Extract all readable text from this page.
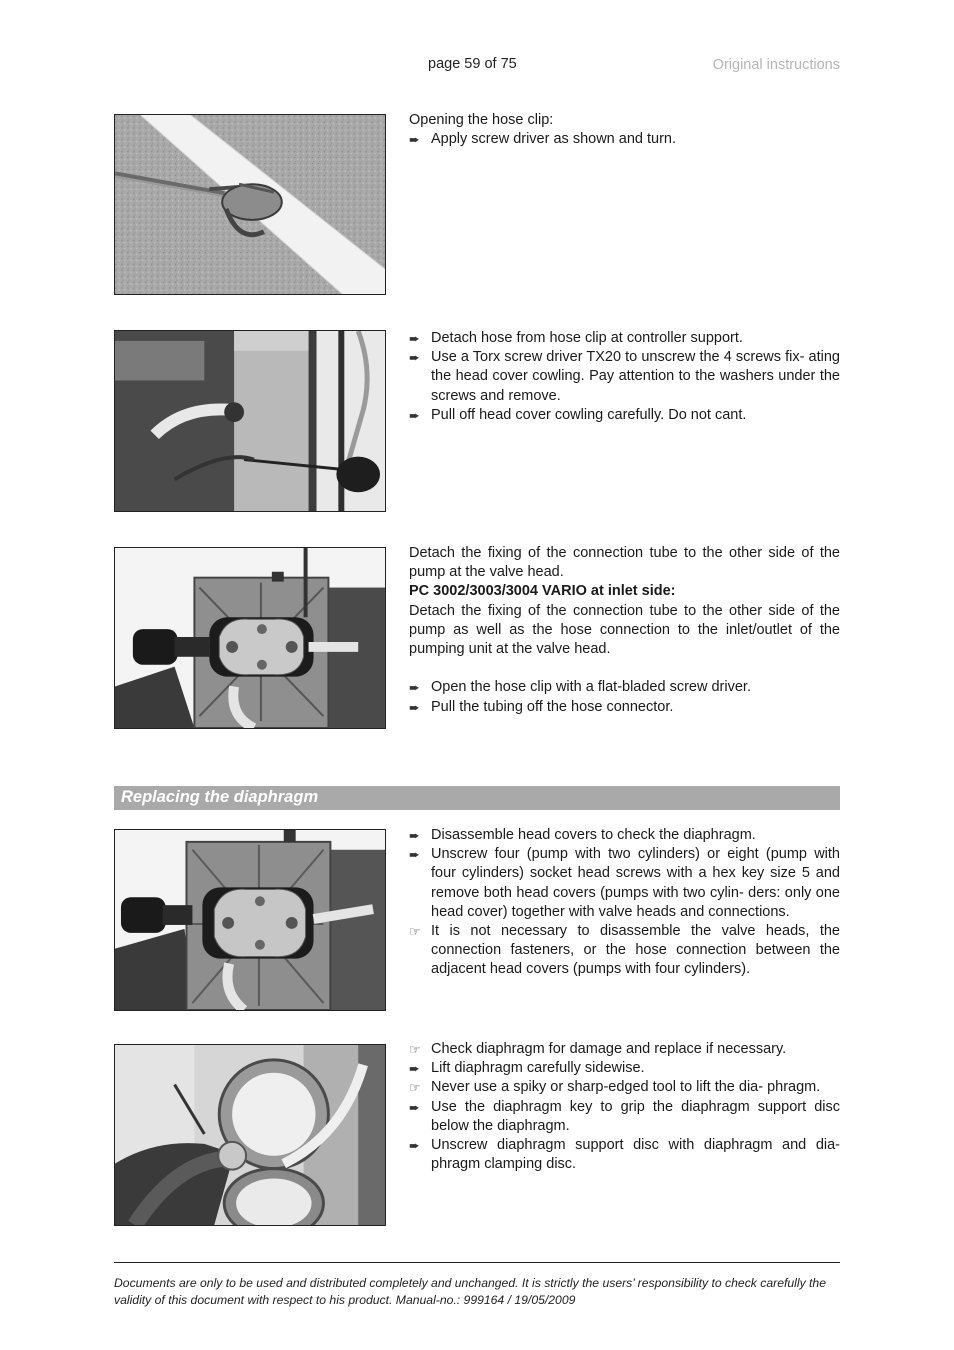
page 59 of 75	Original instructions

Opening the hose clip:

➨ Apply screw driver as shown and turn.
➨ Detach hose from hose clip at controller support.
➨ Use a Torx screw driver TX20 to unscrew the 4 screws fix- ating the head cover cowling. Pay attention to the washers under the screws and remove.
➨ Pull off head cover cowling carefully. Do not cant.

Detach the fixing of the connection tube to the other side of the pump at the valve head.

PC 3002/3003/3004 VARIO at inlet side:

Detach the fixing of the connection tube to the other side of the pump as well as the hose connection to the inlet/outlet of the pumping unit at the valve head.

➨ Open the hose clip with a flat-bladed screw driver.
➨ Pull the tubing off the hose connector.
Replacing the diaphragm
➨ Disassemble head covers to check the diaphragm.
➨ Unscrew four (pump with two cylinders) or eight (pump with four cylinders) socket head screws with a hex key size 5 and remove both head covers (pumps with two cylin- ders: only one head cover) together with valve heads and connections.
☞ It is not necessary to disassemble the valve heads, the connection fasteners, or the hose connection between the adjacent head covers (pumps with four cylinders).
☞ Check diaphragm for damage and replace if necessary.
➨ Lift diaphragm carefully sidewise.
☞ Never use a spiky or sharp-edged tool to lift the dia- phragm.
➨ Use the diaphragm key to grip the diaphragm support disc below the diaphragm.
➨ Unscrew diaphragm support disc with diaphragm and dia- phragm clamping disc.
Documents are only to be used and distributed completely and unchanged. It is strictly the users’ responsibility to check carefully the validity of this document with respect to his product. Manual-no.: 999164 / 19/05/2009
